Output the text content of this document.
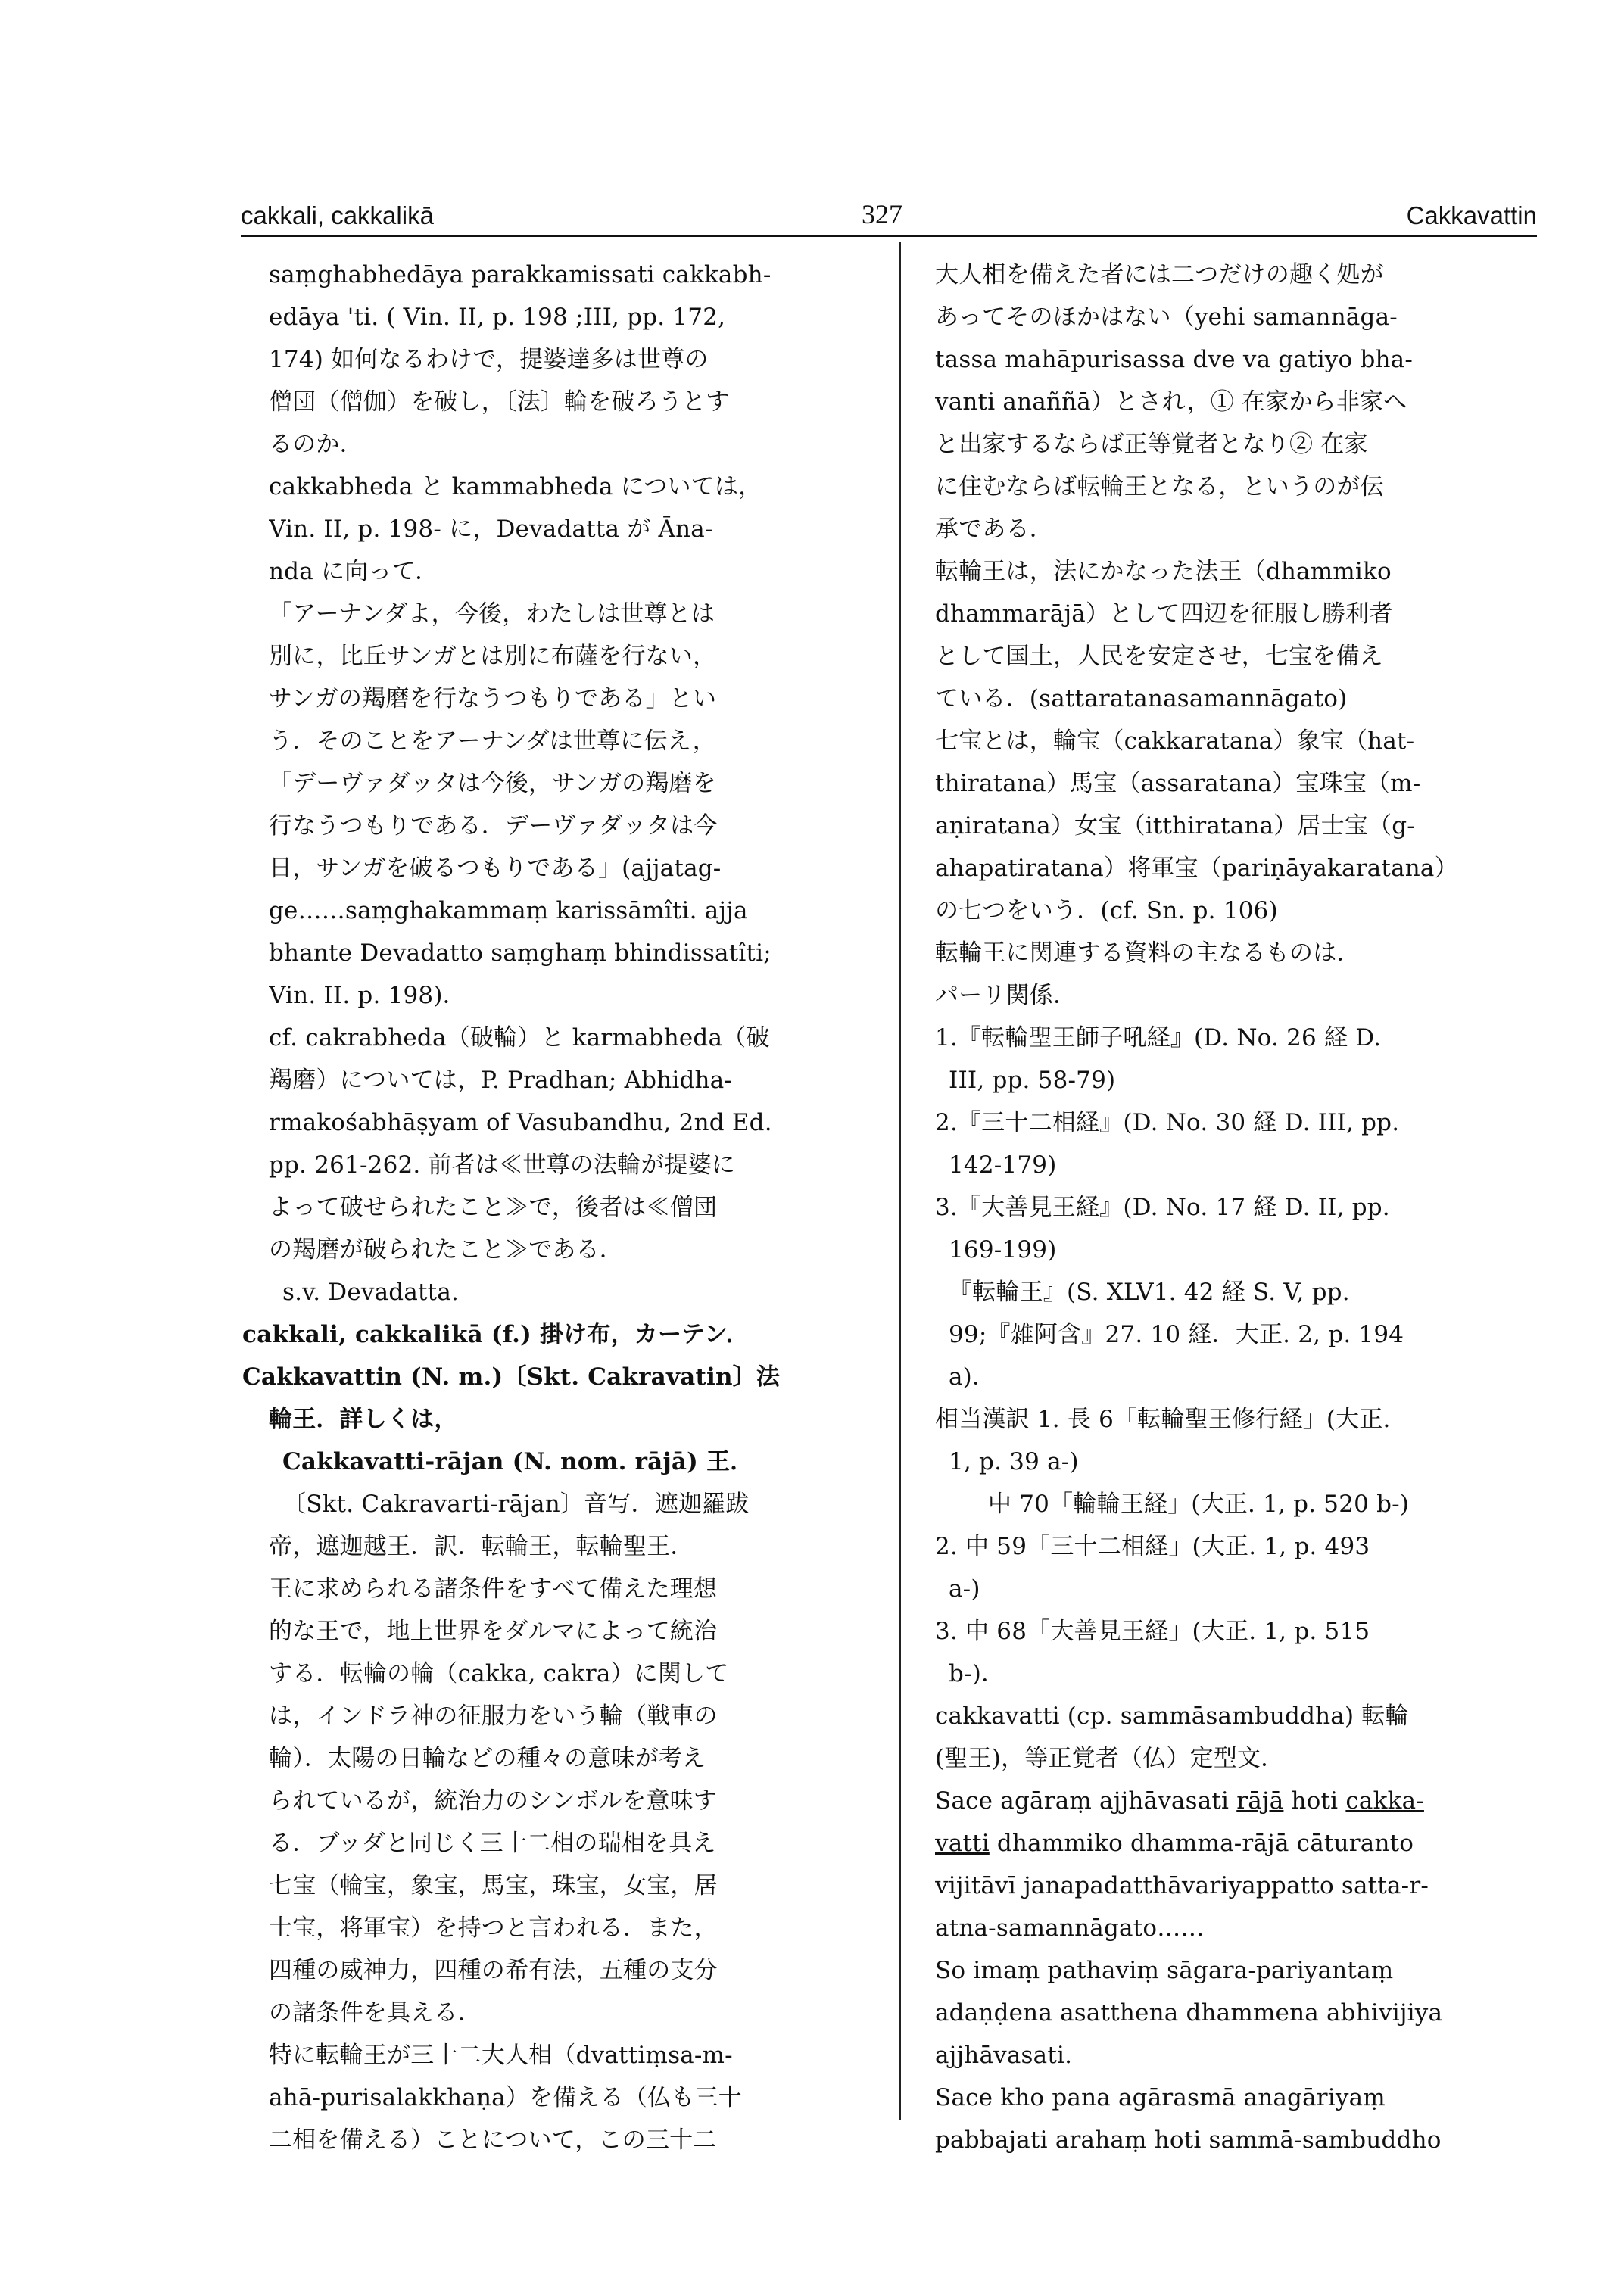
cakkali, cakkalikā	327	Cakkavattin
saṃghabhedāya parakkamissati cakkabh-
edāya 'ti. ( Vin. II, p. 198 ;III, pp. 172,
174) 如何なるわけで，提婆達多は世尊の
僧団（僧伽）を破し，〔法〕輪を破ろうとす
るのか．
cakkabheda と kammabheda については，
Vin. II, p. 198- に，Devadatta が Āna-
nda に向って．
「アーナンダよ，今後，わたしは世尊とは
別に，比丘サンガとは別に布薩を行ない，
サンガの羯磨を行なうつもりである」とい
う．そのことをアーナンダは世尊に伝え，
「デーヴァダッタは今後，サンガの羯磨を
行なうつもりである．デーヴァダッタは今
日，サンガを破るつもりである」(ajjatag-
ge……saṃghakammaṃ karissāmîti. ajja
bhante Devadatto saṃghaṃ bhindissatîti;
Vin. II. p. 198)．
cf. cakrabheda（破輪）と karmabheda（破
羯磨）については，P. Pradhan; Abhidha-
rmakośabhāṣyam of Vasubandhu, 2nd Ed.
pp. 261-262. 前者は≪世尊の法輪が提婆に
よって破せられたこと≫で，後者は≪僧団
の羯磨が破られたこと≫である．
s.v. Devadatta.
cakkali, cakkalikā (f.) 掛け布，カーテン．
Cakkavattin (N. m.)〔Skt. Cakravatin〕法
輪王．詳しくは，
Cakkavatti-rājan (N. nom. rājā) 王．
〔Skt. Cakravarti-rājan〕音写．遮迦羅跋
帝，遮迦越王．訳．転輪王，転輪聖王．
王に求められる諸条件をすべて備えた理想
的な王で，地上世界をダルマによって統治
する．転輪の輪（cakka, cakra）に関して
は，インドラ神の征服力をいう輪（戦車の
輪）．太陽の日輪などの種々の意味が考え
られているが，統治力のシンボルを意味す
る．ブッダと同じく三十二相の瑞相を具え
七宝（輪宝，象宝，馬宝，珠宝，女宝，居
士宝，将軍宝）を持つと言われる．また，
四種の威神力，四種の希有法，五種の支分
の諸条件を具える．
特に転輪王が三十二大人相（dvattiṃsa-m-
ahā-purisalakkhaṇa）を備える（仏も三十
二相を備える）ことについて，この三十二
大人相を備えた者には二つだけの趣く処が
あってそのほかはない（yehi samannāga-
tassa mahāpurisassa dve va gatiyo bha-
vanti anaññā）とされ，① 在家から非家へ
と出家するならば正等覚者となり② 在家
に住むならば転輪王となる，というのが伝
承である．
転輪王は，法にかなった法王（dhammiko
dhammarājā）として四辺を征服し勝利者
として国土，人民を安定させ，七宝を備え
ている．(sattaratanasamannāgato)
七宝とは，輪宝（cakkaratana）象宝（hat-
thiratana）馬宝（assaratana）宝珠宝（m-
aṇiratana）女宝（itthiratana）居士宝（g-
ahapatiratana）将軍宝（pariṇāyakaratana）
の七つをいう．(cf. Sn. p. 106)
転輪王に関連する資料の主なるものは．
パーリ関係．
1.『転輪聖王師子吼経』(D. No. 26 経 D.
III, pp. 58-79)
2.『三十二相経』(D. No. 30 経 D. III, pp.
142-179)
3.『大善見王経』(D. No. 17 経 D. II, pp.
169-199)
『転輪王』(S. XLV1. 42 経 S. V, pp.
99;『雑阿含』27. 10 経．大正. 2, p. 194
a)．
相当漢訳 1. 長 6「転輪聖王修行経」(大正.
1, p. 39 a-)
中 70「輪輪王経」(大正. 1, p. 520 b-)
2. 中 59「三十二相経」(大正. 1, p. 493
a-)
3. 中 68「大善見王経」(大正. 1, p. 515
b-)．
cakkavatti (cp. sammāsambuddha) 転輪
(聖王)，等正覚者（仏）定型文．
Sace agāraṃ ajjhāvasati rājā hoti cakka-
vatti dhammiko dhamma-rājā cāturanto
vijitāvī janapadatthāvariyappatto satta-r-
atna-samannāgato……
So imaṃ pathaviṃ sāgara-pariyantaṃ
adaṇḍena asatthena dhammena abhivijiya
ajjhāvasati.
Sace kho pana agārasmā anagāriyaṃ
pabbajati arahaṃ hoti sammā-sambuddho
